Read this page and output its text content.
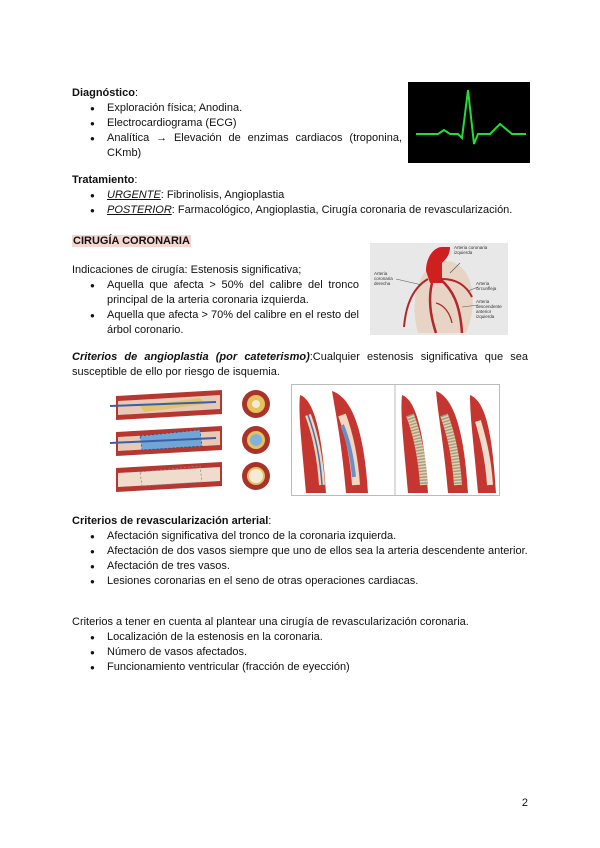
Diagnóstico:
● Exploración física; Anodina.
● Electrocardiograma (ECG)
● Analítica → Elevación de enzimas cardiacos (troponina, CKmb)
Tratamiento:
● URGENTE: Fibrinolisis, Angioplastia
● POSTERIOR: Farmacológico, Angioplastia, Cirugía coronaria de revascularización.
CIRUGÍA CORONARIA
Indicaciones de cirugía: Estenosis significativa;
● Aquella que afecta > 50% del calibre del tronco principal de la arteria coronaria izquierda.
● Aquella que afecta > 70% del calibre en el resto del árbol coronario.
Arteria coronaria izquierda
Arteria coronaria derecha	Arteria circunfleja
Arteria descendente anterior izquierda
Criterios de angioplastia (por cateterismo):Cualquier estenosis significativa que sea susceptible de ello por riesgo de isquemia.
Criterios de revascularización arterial:
● Afectación significativa del tronco de la coronaria izquierda.
● Afectación de dos vasos siempre que uno de ellos sea la arteria descendente anterior.
● Afectación de tres vasos.
● Lesiones coronarias en el seno de otras operaciones cardiacas.
Criterios a tener en cuenta al plantear una cirugía de revascularización coronaria.
● Localización de la estenosis en la coronaria.
● Número de vasos afectados.
● Funcionamiento ventricular (fracción de eyección)
2
